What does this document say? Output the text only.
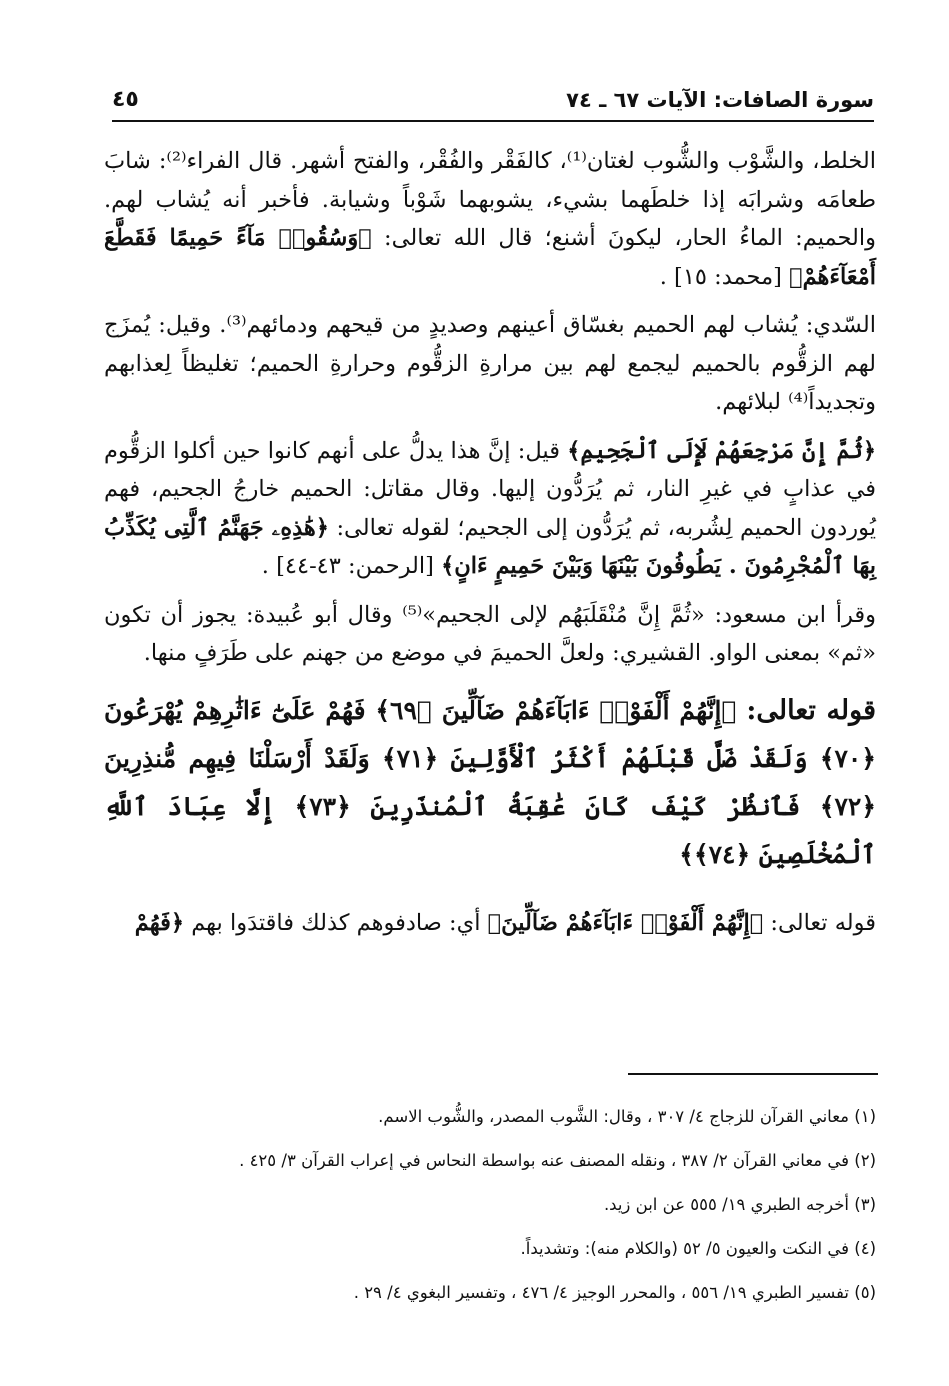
سورة الصافات: الآيات ٦٧ ـ ٧٤
٤٥

الخلط، والشَّوْب والشُّوب لغتان⁽¹⁾، كالفَقْر والفُقْر، والفتح أشهر. قال الفراء⁽²⁾: شابَ طعامَه وشرابَه إذا خلطَهما بشيء، يشوبهما شَوْباً وشيابة. فأخبر أنه يُشاب لهم. والحميم: الماءُ الحار، ليكونَ أشنع؛ قال الله تعالى: ﴿وَسُقُوا۟ مَآءً حَمِيمًا فَقَطَّعَ أَمْعَآءَهُمْ﴾ [محمد: ١٥] .

السّدي: يُشاب لهم الحميم بغسّاق أعينهم وصديدٍ من قيحهم ودمائهم⁽³⁾. وقيل: يُمزَج لهم الزقُّوم بالحميم ليجمع لهم بين مرارةِ الزقُّوم وحرارةِ الحميم؛ تغليظاً لِعذابهم وتجديداً⁽⁴⁾ لبلائهم.

﴿ثُمَّ إِنَّ مَرْجِعَهُمْ لَإِلَى ٱلْجَحِيمِ﴾ قيل: إنَّ هذا يدلُّ على أنهم كانوا حين أكلوا الزقُّوم في عذابٍ في غيرِ النار، ثم يُرَدُّون إليها. وقال مقاتل: الحميم خارجُ الجحيم، فهم يُوردون الحميم لِشُربه، ثم يُرَدُّون إلى الجحيم؛ لقوله تعالى: ﴿هَٰذِهِۦ جَهَنَّمُ ٱلَّتِى يُكَذِّبُ بِهَا ٱلْمُجْرِمُونَ . يَطُوفُونَ بَيْنَهَا وَبَيْنَ حَمِيمٍ ءَانٍ﴾ [الرحمن: ٤٣-٤٤] .

وقرأ ابن مسعود: «ثُمَّ إِنَّ مُنْقَلَبَهُم لإلى الجحيم»⁽⁵⁾ وقال أبو عُبيدة: يجوز أن تكون «ثم» بمعنى الواو. القشيري: ولعلَّ الحميمَ في موضع من جهنم على طَرَفٍ منها.

قوله تعالى: ﴿إِنَّهُمْ أَلْفَوْا۟ ءَابَآءَهُمْ ضَآلِّينَ ﴿٦٩﴾ فَهُمْ عَلَىٰٓ ءَاثَٰرِهِمْ يُهْرَعُونَ ﴿٧٠﴾ وَلَقَدْ ضَلَّ قَبْلَهُمْ أَكْثَرُ ٱلْأَوَّلِينَ ﴿٧١﴾ وَلَقَدْ أَرْسَلْنَا فِيهِم مُّنذِرِينَ ﴿٧٢﴾ فَٱنظُرْ كَيْفَ كَانَ عَٰقِبَةُ ٱلْمُنذَرِينَ ﴿٧٣﴾ إِلَّا عِبَادَ ٱللَّهِ ٱلْمُخْلَصِينَ ﴿٧٤﴾﴾

قوله تعالى: ﴿إِنَّهُمْ أَلْفَوْا۟ ءَابَآءَهُمْ ضَآلِّينَ﴾ أي: صادفوهم كذلك فاقتدَوا بهم ﴿فَهُمْ

(١) معاني القرآن للزجاج ٤/ ٣٠٧ ، وقال: الشَّوب المصدر، والشُّوب الاسم.

(٢) في معاني القرآن ٢/ ٣٨٧ ، ونقله المصنف عنه بواسطة النحاس في إعراب القرآن ٣/ ٤٢٥ .

(٣) أخرجه الطبري ١٩/ ٥٥٥ عن ابن زيد.

(٤) في النكت والعيون ٥/ ٥٢ (والكلام منه): وتشديداً.

(٥) تفسير الطبري ١٩/ ٥٥٦ ، والمحرر الوجيز ٤/ ٤٧٦ ، وتفسير البغوي ٤/ ٢٩ .
